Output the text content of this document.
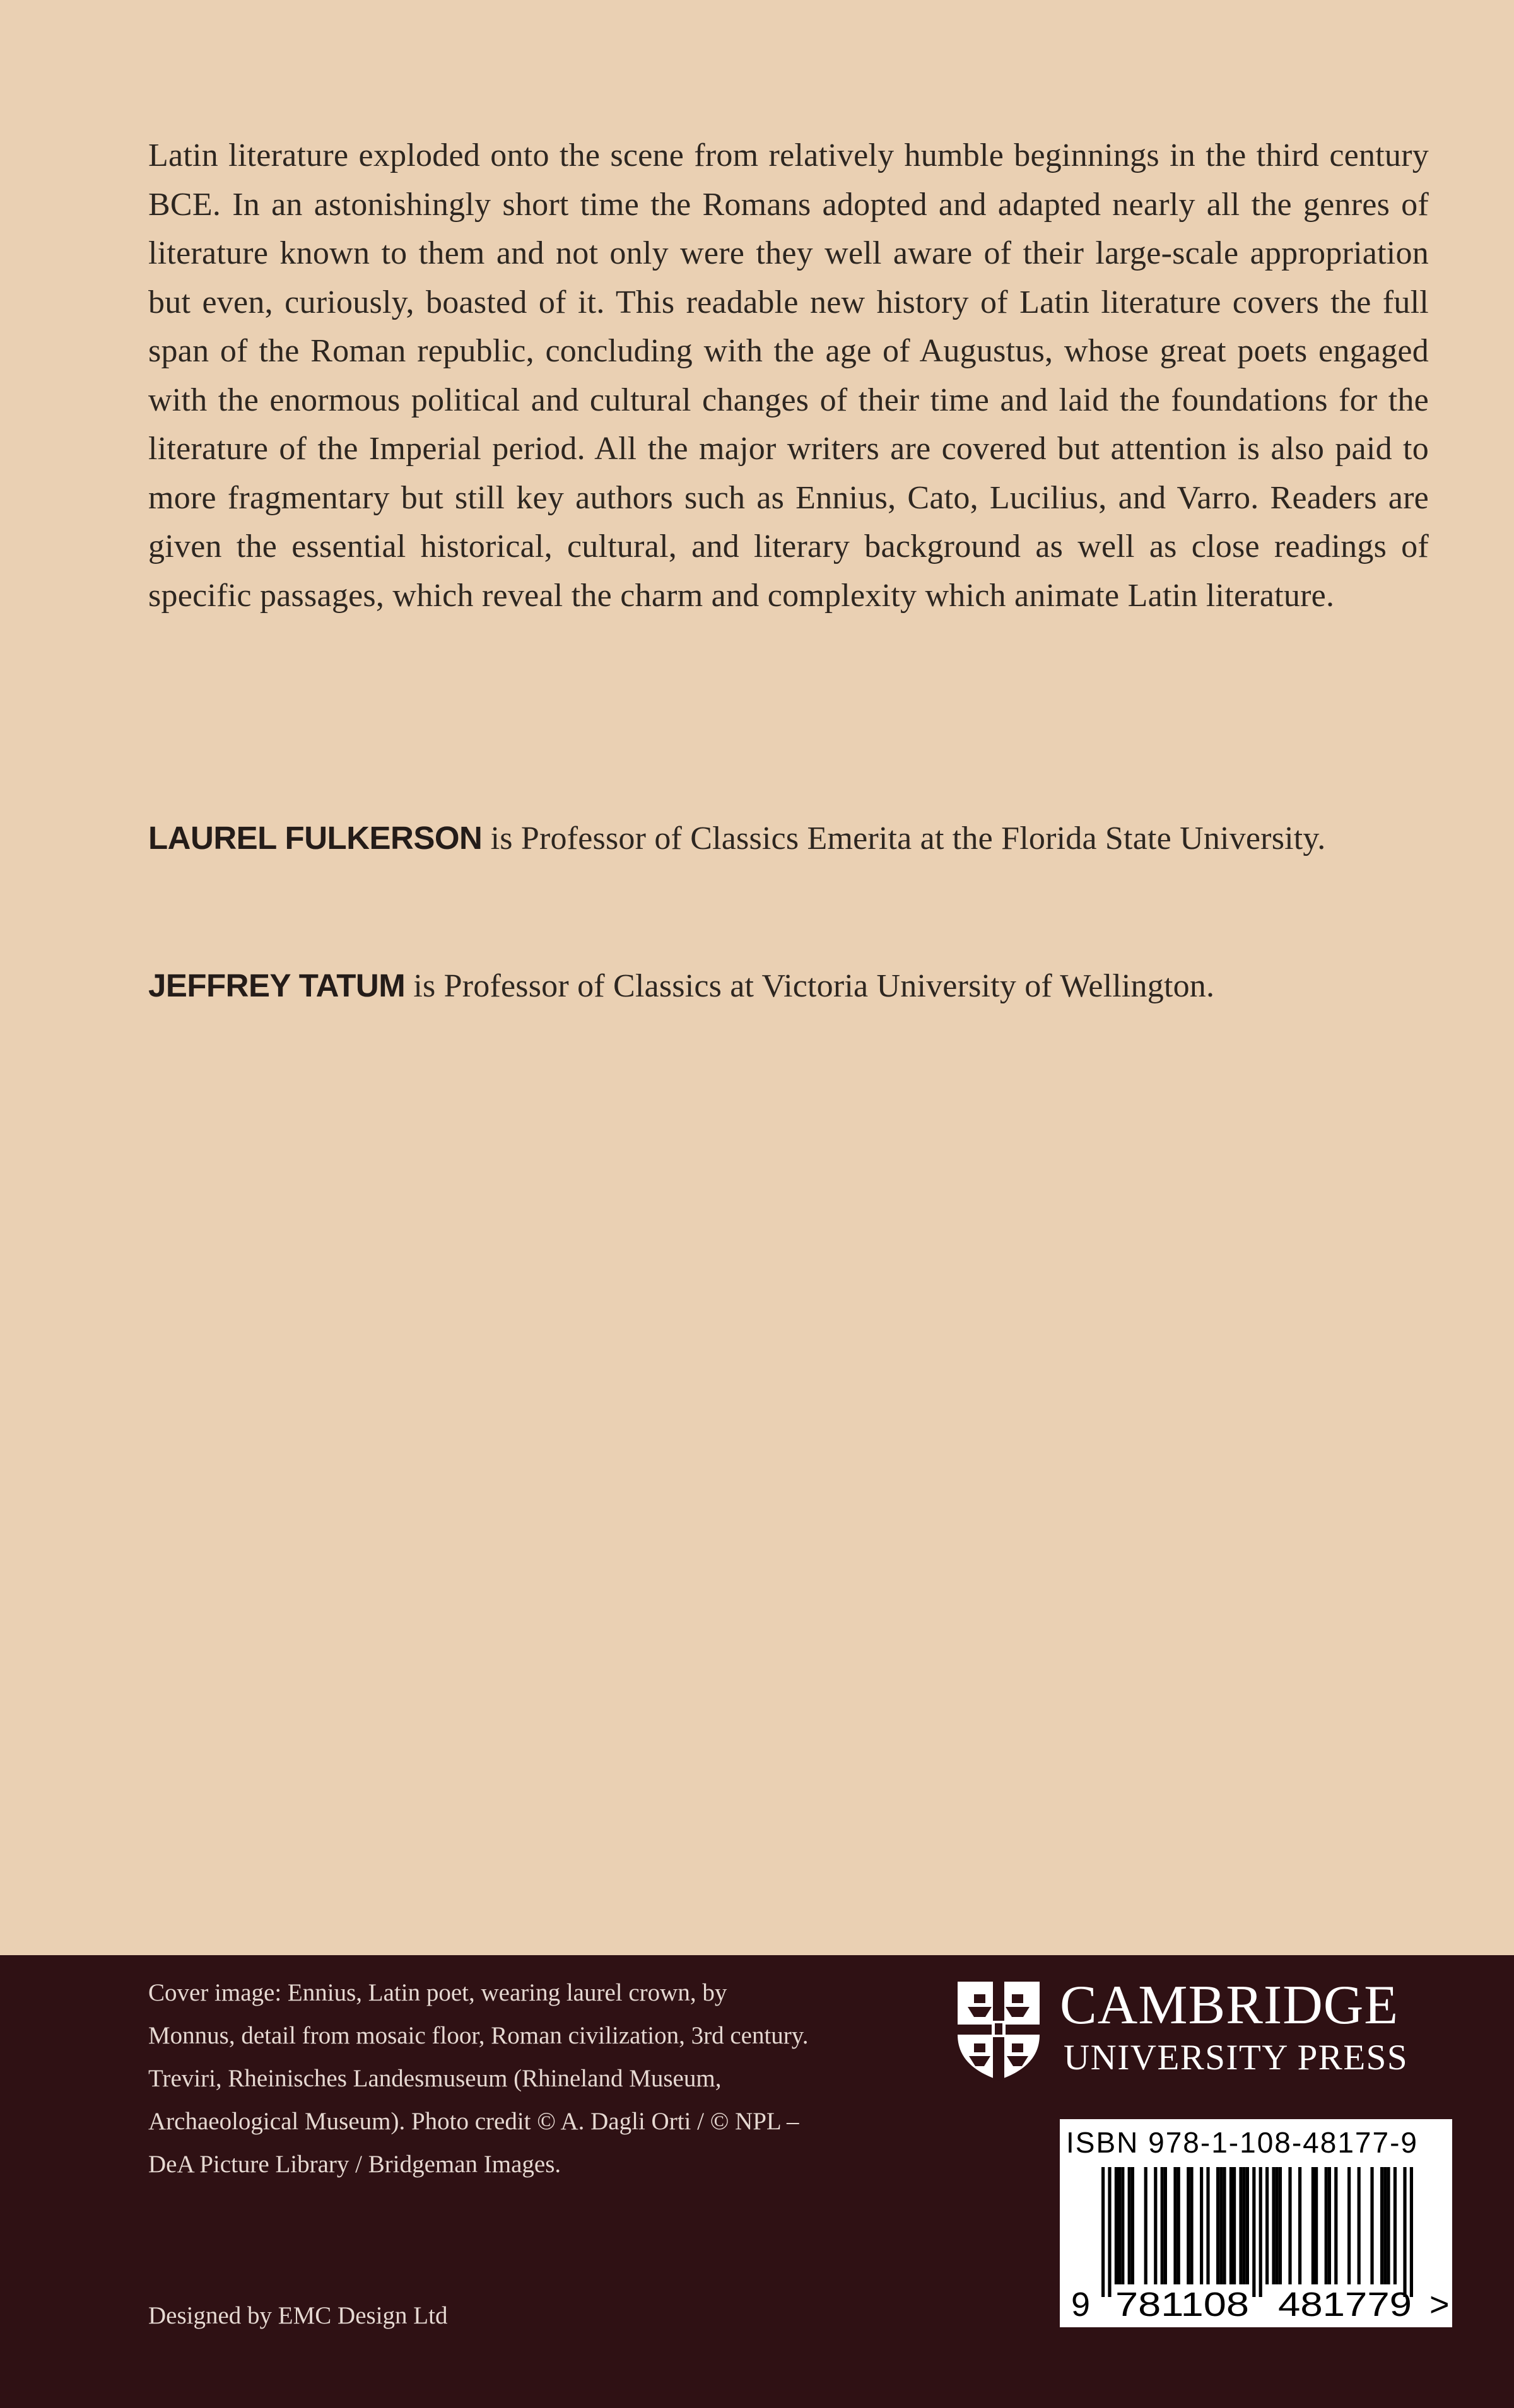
Latin literature exploded onto the scene from relatively humble beginnings in the third century BCE. In an astonishingly short time the Romans adopted and adapted nearly all the genres of literature known to them and not only were they well aware of their large-scale appropriation but even, curiously, boasted of it. This readable new history of Latin literature covers the full span of the Roman republic, concluding with the age of Augustus, whose great poets engaged with the enormous political and cultural changes of their time and laid the foundations for the literature of the Imperial period. All the major writers are covered but attention is also paid to more fragmentary but still key authors such as Ennius, Cato, Lucilius, and Varro. Readers are given the essential historical, cultural, and literary background as well as close readings of specific passages, which reveal the charm and complexity which animate Latin literature.

LAUREL FULKERSON is Professor of Classics Emerita at the Florida State University.

JEFFREY TATUM is Professor of Classics at Victoria University of Wellington.

Cover image: Ennius, Latin poet, wearing laurel crown, by Monnus, detail from mosaic floor, Roman civilization, 3rd century. Treviri, Rheinisches Landesmuseum (Rhineland Museum, Archaeological Museum). Photo credit © A. Dagli Orti / © NPL – DeA Picture Library / Bridgeman Images.

Designed by EMC Design Ltd

CAMBRIDGE
UNIVERSITY PRESS
ISBN 978-1-108-48177-9
9 781108 481779 >
